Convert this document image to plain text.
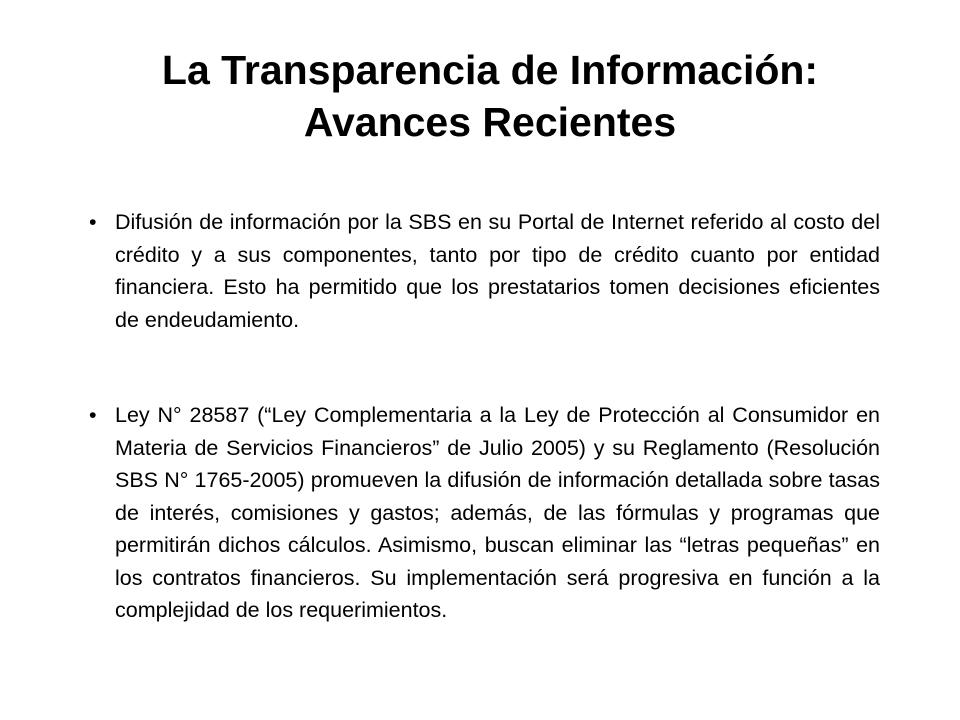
La Transparencia de Información:
Avances Recientes
• Difusión de información por la SBS en su Portal de Internet referido al costo del crédito y a sus componentes, tanto por tipo de crédito cuanto por entidad financiera. Esto ha permitido que los prestatarios tomen decisiones eficientes de endeudamiento.
• Ley N° 28587 (“Ley Complementaria a la Ley de Protección al Consumidor en Materia de Servicios Financieros” de Julio 2005) y su Reglamento (Resolución SBS N° 1765-2005) promueven la difusión de información detallada sobre tasas de interés, comisiones y gastos; además, de las fórmulas y programas que permitirán dichos cálculos. Asimismo, buscan eliminar las “letras pequeñas” en los contratos financieros. Su implementación será progresiva en función a la complejidad de los requerimientos.
